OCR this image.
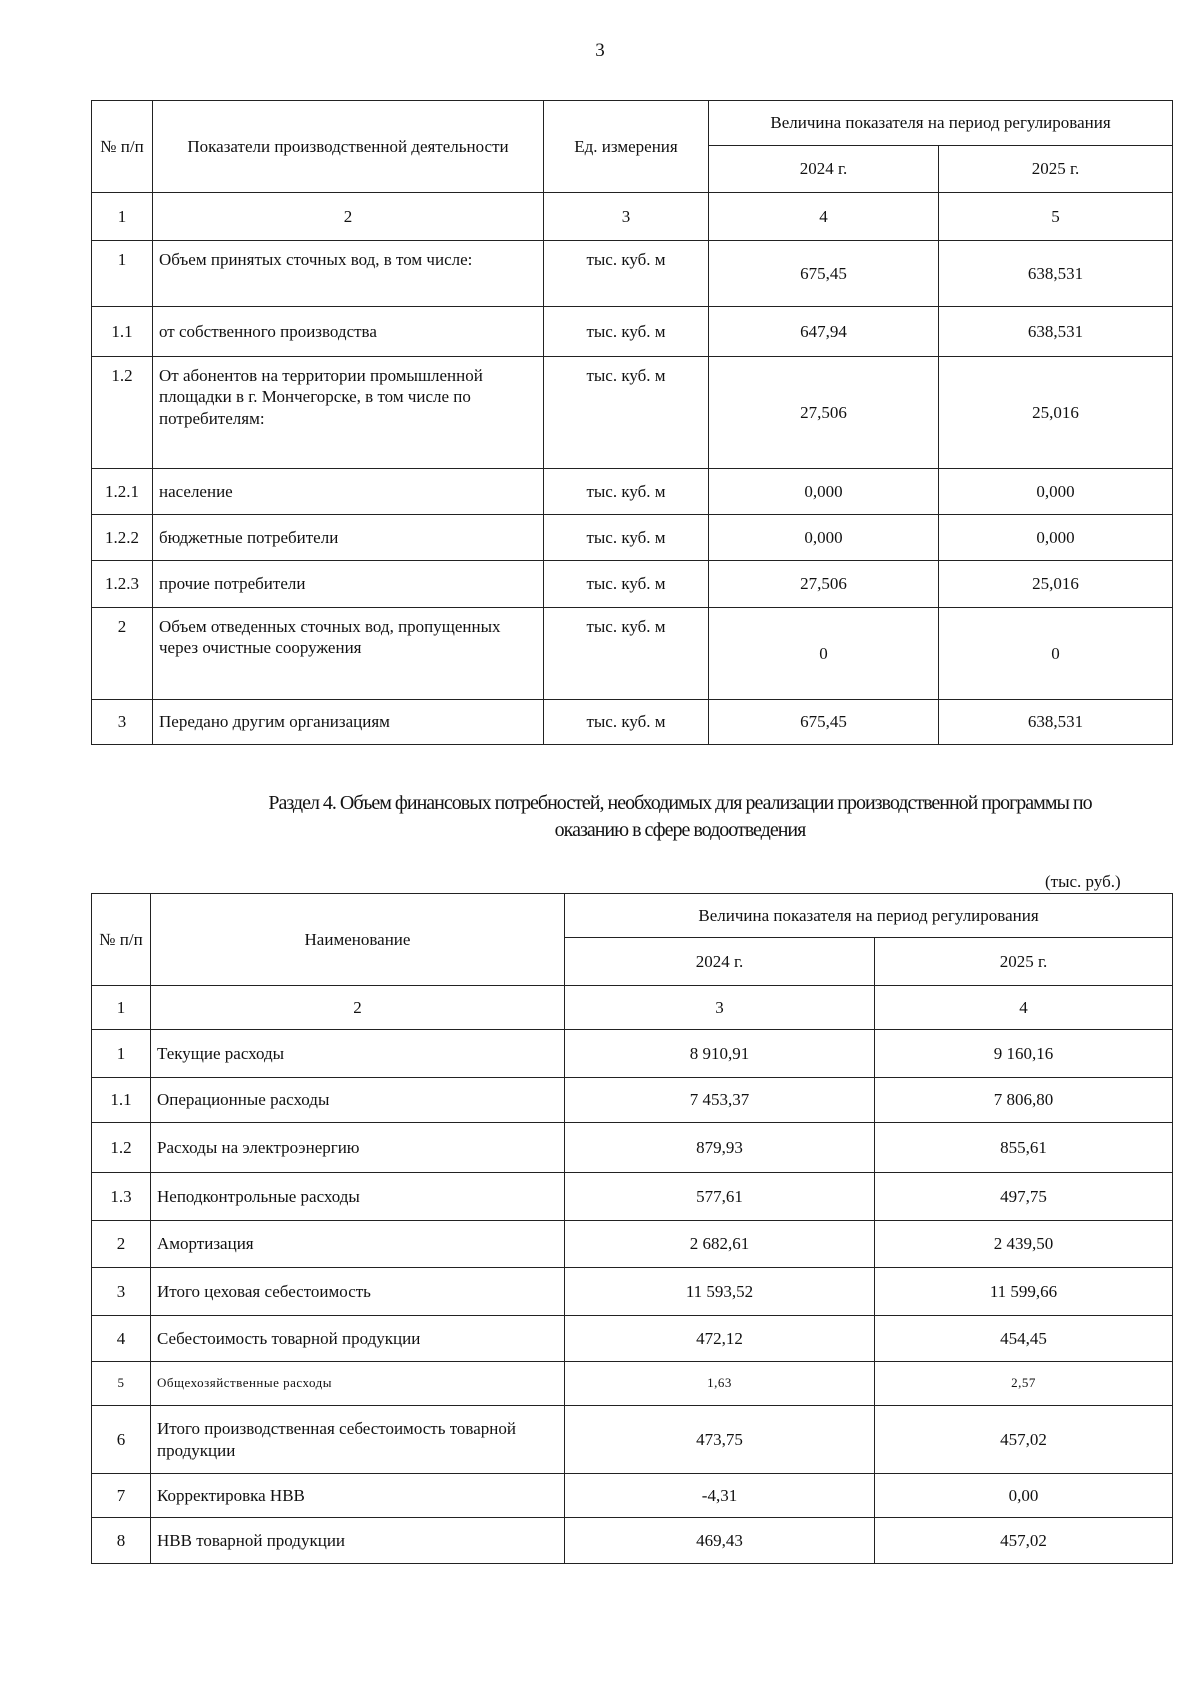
3
№ п/п	Показатели производственной деятельности	Ед. измерения	Величина показателя на период регулирования	
			2024 г.	2025 г.
1	2	3	4	5
1	Объем принятых сточных вод, в том числе:	тыс. куб. м	675,45	638,531
1.1	от собственного производства	тыс. куб. м	647,94	638,531
1.2	От абонентов на территории промышленной площадки в г. Мончегорске, в том числе по потребителям:	тыс. куб. м	27,506	25,016
1.2.1	население	тыс. куб. м	0,000	0,000
1.2.2	бюджетные потребители	тыс. куб. м	0,000	0,000
1.2.3	прочие потребители	тыс. куб. м	27,506	25,016
2	Объем отведенных сточных вод, пропущенных через очистные сооружения	тыс. куб. м	0	0
3	Передано другим организациям	тыс. куб. м	675,45	638,531
Раздел 4. Объем финансовых потребностей, необходимых для реализации производственной программы по оказанию в сфере водоотведения
(тыс. руб.)
№ п/п	Наименование	Величина показателя на период регулирования	
		2024 г.	2025 г.
1	2	3	4
1	Текущие расходы	8 910,91	9 160,16
1.1	Операционные расходы	7 453,37	7 806,80
1.2	Расходы на электроэнергию	879,93	855,61
1.3	Неподконтрольные расходы	577,61	497,75
2	Амортизация	2 682,61	2 439,50
3	Итого цеховая себестоимость	11 593,52	11 599,66
4	Себестоимость товарной продукции	472,12	454,45
5	Общехозяйственные расходы	1,63	2,57
6	Итого производственная себестоимость товарной продукции	473,75	457,02
7	Корректировка НВВ	-4,31	0,00
8	НВВ товарной продукции	469,43	457,02
